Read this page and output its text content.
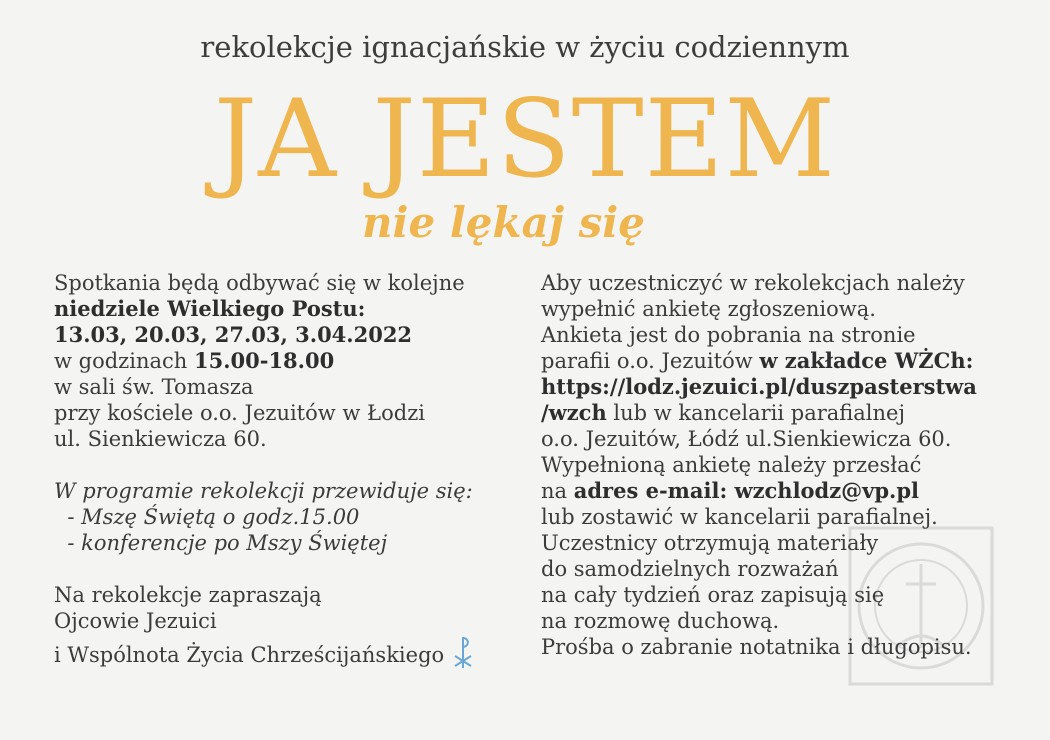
rekolekcje ignacjańskie w życiu codziennym
JA JESTEM
nie lękaj się
Spotkania będą odbywać się w kolejne
niedziele Wielkiego Postu:
13.03, 20.03, 27.03, 3.04.2022
w godzinach 15.00-18.00
w sali św. Tomasza
przy kościele o.o. Jezuitów w Łodzi
ul. Sienkiewicza 60.
W programie rekolekcji przewiduje się:
- Mszę Świętą o godz.15.00
- konferencje po Mszy Świętej
Na rekolekcje zapraszają
Ojcowie Jezuici
i Wspólnota Życia Chrześcijańskiego
Aby uczestniczyć w rekolekcjach należy
wypełnić ankietę zgłoszeniową.
Ankieta jest do pobrania na stronie
parafii o.o. Jezuitów w zakładce WŻCh:
https://lodz.jezuici.pl/duszpasterstwa
/wzch lub w kancelarii parafialnej
o.o. Jezuitów, Łódź ul.Sienkiewicza 60.
Wypełnioną ankietę należy przesłać
na adres e-mail: wzchlodz@vp.pl
lub zostawić w kancelarii parafialnej.
Uczestnicy otrzymują materiały
do samodzielnych rozważań
na cały tydzień oraz zapisują się
na rozmowę duchową.
Prośba o zabranie notatnika i długopisu.
